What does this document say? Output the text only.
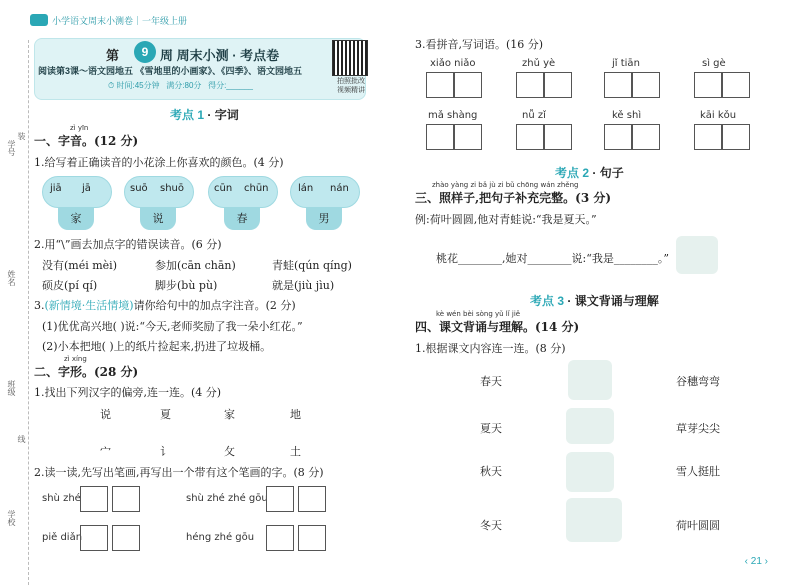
小学语文周末小测卷｜一年级上册
学号
装
姓名
班级
线
学校
第	9 周 周末小测 · 考点卷
阅读第3课～语文园地五 《雪地里的小画家》、《四季》、语文园地五
⏱ 时间:45分钟 满分:80分 得分:______	拍照批改 视频精讲
考点 1 · 字词
zì yīn
一、字音。(12 分)
1.给写着正确读音的小花涂上你喜欢的颜色。(4 分)
jiā jā
家
suō shuō
说
cūn chūn
春
lán nán
男
2.用“\”画去加点字的错误读音。(6 分)
没有(méi mèi)	参加(cān chān)	青蛙(qún qíng)
硕皮(pí qí)	脚步(bù pù)	就是(jiù jìu)
3.(新情境·生活情境)请你给句中的加点字注音。(2 分)
(1)优优高兴地( )说:“今天,老师奖励了我一朵小红花。”
(2)小本把地( )上的纸片捡起来,扔进了垃圾桶。
zì xíng
二、字形。(28 分)
1.找出下列汉字的偏旁,连一连。(4 分)
说	夏	家	地
宀	讠	攵	土
2.读一读,先写出笔画,再写出一个带有这个笔画的字。(8 分)
shù zhé	shù zhé zhé gōu
piě diǎn	héng zhé gōu
3.看拼音,写词语。(16 分)
xiǎo niǎo	zhǔ yè	jǐ tiān	sì gè
mǎ shàng	nǚ zǐ	kě shì	kāi kǒu
考点 2 · 句子
zhào yàng zi bǎ jù zi bǔ chōng wán zhěng
三、照样子,把句子补充完整。(3 分)
例:荷叶圆圆,他对青蛙说:“我是夏天。”
桃花________,她对________说:“我是________。”
考点 3 · 课文背诵与理解
kè wén bèi sòng yǔ lǐ jiě
四、课文背诵与理解。(14 分)
1.根据课文内容连一连。(8 分)
春天
夏天
秋天
冬天
谷穗弯弯
草芽尖尖
雪人挺肚
荷叶圆圆
‹ 21 ›
